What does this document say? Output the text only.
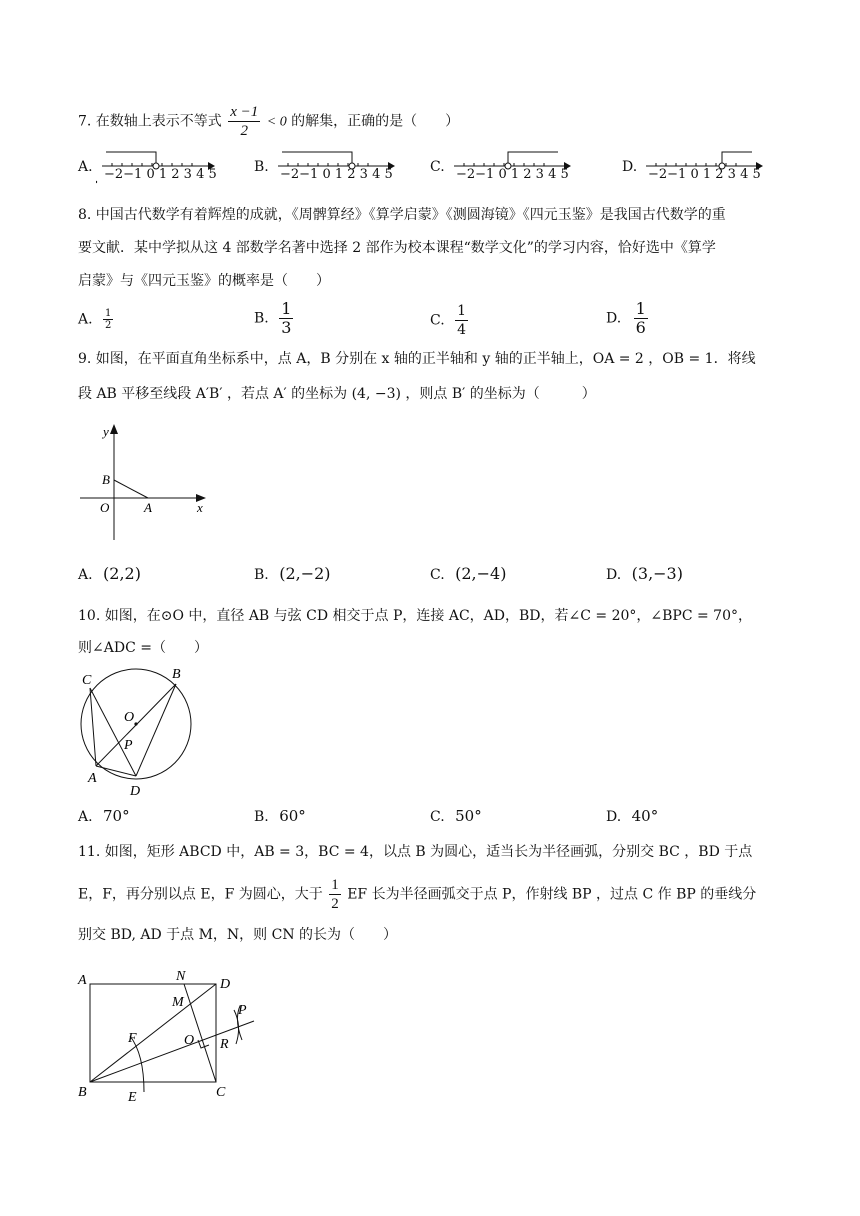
7. 在数轴上表示不等式 $\frac{x -1}{2} < 0$ 的解集，正确的是（　　）
A. −2−1 0 1 2 3 4 5	B. −2−1 0 1 2 3 4 5	C. −2−1 0 1 2 3 4 5	D. −2−1 0 1 2 3 4 5
8. 中国古代数学有着辉煌的成就，《周髀算经》《算学启蒙》《测圆海镜》《四元玉鉴》是我国古代数学的重
要文献．某中学拟从这 4 部数学名著中选择 2 部作为校本课程“数学文化”的学习内容，恰好选中《算学
启蒙》与《四元玉鉴》的概率是（　　）
A. $\frac{1}{2}$	B. $\frac{1}{3}$	C. $\frac{1}{4}$	D. $\frac{1}{6}$
9. 如图，在平面直角坐标系中，点 A，B 分别在 x 轴的正半轴和 y 轴的正半轴上，OA = 2 ，OB = 1．将线
段 AB 平移至线段 A′B′ ，若点 A′ 的坐标为 (4, −3) ，则点 B′ 的坐标为（　　　）
y
x
B
O	A
A. (2,2)	B. (2,−2)	C. (2,−4)	D. (3,−3)
10. 如图，在⊙O 中，直径 AB 与弦 CD 相交于点 P，连接 AC，AD，BD，若∠C = 20°，∠BPC = 70°，
则∠ADC =（　　）
C	B
O
P
A
D
A. 70°	B. 60°	C. 50°	D. 40°
11. 如图，矩形 ABCD 中，AB = 3，BC = 4，以点 B 为圆心，适当长为半径画弧，分别交 BC ，BD 于点
E，F，再分别以点 E，F 为圆心，大于 $\frac{1}{2}$ EF 长为半径画弧交于点 P，作射线 BP ，过点 C 作 BP 的垂线分
别交 BD, AD 于点 M，N，则 CN 的长为（　　）
A	N
D
M
P
F	O R
B	E	C
